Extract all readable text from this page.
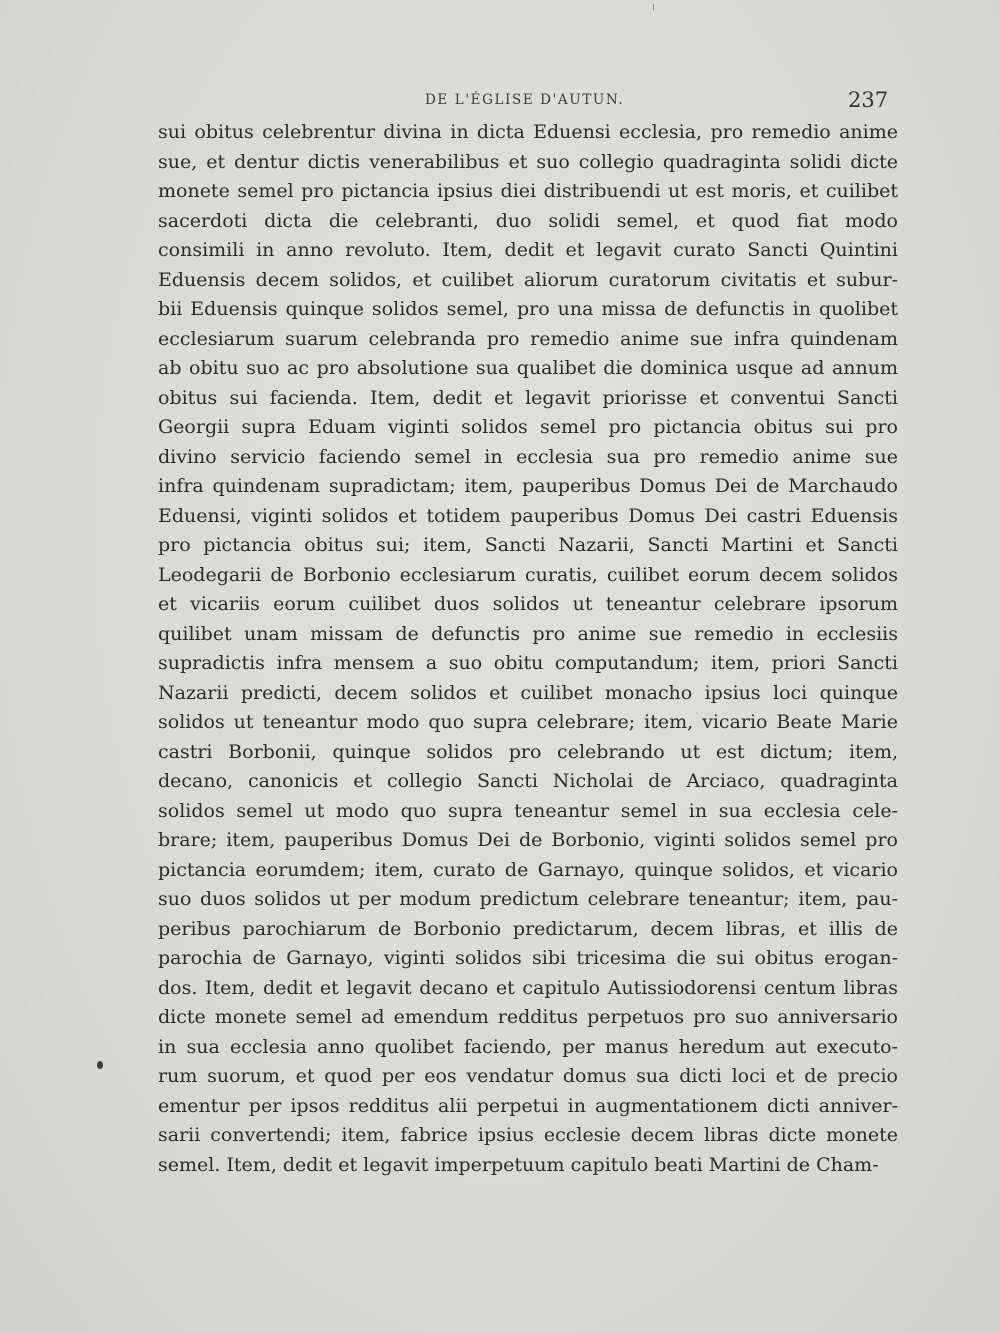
DE L'ÉGLISE D'AUTUN.	237
sui obitus celebrentur divina in dicta Eduensi ecclesia, pro remedio anime
sue, et dentur dictis venerabilibus et suo collegio quadraginta solidi dicte
monete semel pro pictancia ipsius diei distribuendi ut est moris, et cuilibet
sacerdoti dicta die celebranti, duo solidi semel, et quod fiat modo
consimili in anno revoluto. Item, dedit et legavit curato Sancti Quintini
Eduensis decem solidos, et cuilibet aliorum curatorum civitatis et subur-
bii Eduensis quinque solidos semel, pro una missa de defunctis in quolibet
ecclesiarum suarum celebranda pro remedio anime sue infra quindenam
ab obitu suo ac pro absolutione sua qualibet die dominica usque ad annum
obitus sui facienda. Item, dedit et legavit priorisse et conventui Sancti
Georgii supra Eduam viginti solidos semel pro pictancia obitus sui pro
divino servicio faciendo semel in ecclesia sua pro remedio anime sue
infra quindenam supradictam; item, pauperibus Domus Dei de Marchaudo
Eduensi, viginti solidos et totidem pauperibus Domus Dei castri Eduensis
pro pictancia obitus sui; item, Sancti Nazarii, Sancti Martini et Sancti
Leodegarii de Borbonio ecclesiarum curatis, cuilibet eorum decem solidos
et vicariis eorum cuilibet duos solidos ut teneantur celebrare ipsorum
quilibet unam missam de defunctis pro anime sue remedio in ecclesiis
supradictis infra mensem a suo obitu computandum; item, priori Sancti
Nazarii predicti, decem solidos et cuilibet monacho ipsius loci quinque
solidos ut teneantur modo quo supra celebrare; item, vicario Beate Marie
castri Borbonii, quinque solidos pro celebrando ut est dictum; item,
decano, canonicis et collegio Sancti Nicholai de Arciaco, quadraginta
solidos semel ut modo quo supra teneantur semel in sua ecclesia cele-
brare; item, pauperibus Domus Dei de Borbonio, viginti solidos semel pro
pictancia eorumdem; item, curato de Garnayo, quinque solidos, et vicario
suo duos solidos ut per modum predictum celebrare teneantur; item, pau-
peribus parochiarum de Borbonio predictarum, decem libras, et illis de
parochia de Garnayo, viginti solidos sibi tricesima die sui obitus erogan-
dos. Item, dedit et legavit decano et capitulo Autissiodorensi centum libras
dicte monete semel ad emendum redditus perpetuos pro suo anniversario
in sua ecclesia anno quolibet faciendo, per manus heredum aut executo-
rum suorum, et quod per eos vendatur domus sua dicti loci et de precio
ementur per ipsos redditus alii perpetui in augmentationem dicti anniver-
sarii convertendi; item, fabrice ipsius ecclesie decem libras dicte monete
semel. Item, dedit et legavit imperpetuum capitulo beati Martini de Cham-
